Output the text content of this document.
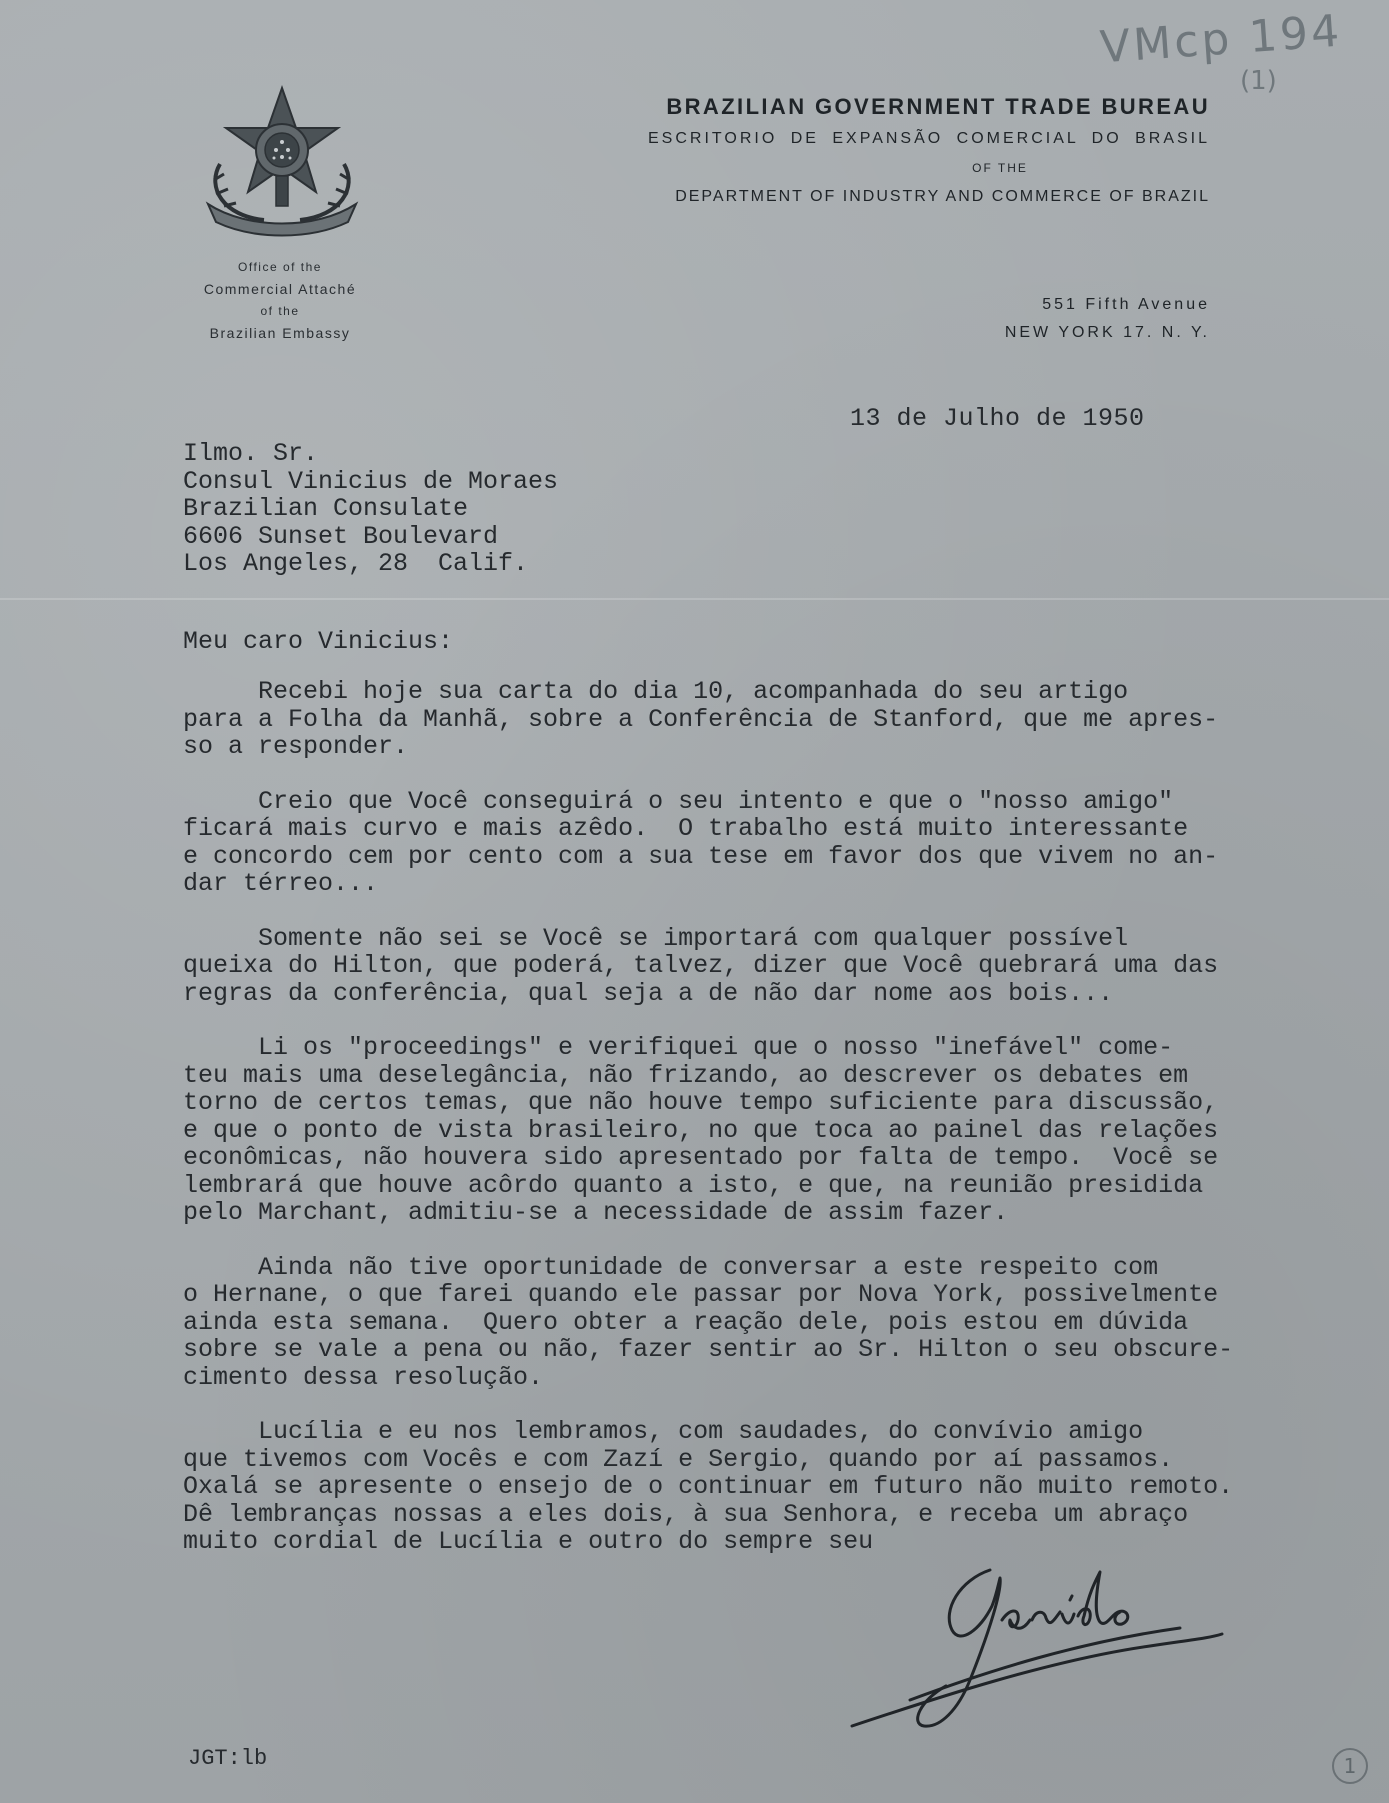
VMcp 194
(1)
Office of the
Commercial Attaché
of the
Brazilian Embassy
BRAZILIAN GOVERNMENT TRADE BUREAU
ESCRITORIO DE EXPANSÃO COMERCIAL DO BRASIL
OF THE
DEPARTMENT OF INDUSTRY AND COMMERCE OF BRAZIL
551 Fifth Avenue
NEW YORK 17. N. Y.
13 de Julho de 1950
Ilmo. Sr.
Consul Vinicius de Moraes
Brazilian Consulate
6606 Sunset Boulevard
Los Angeles, 28  Calif.
Meu caro Vinicius:
Recebi hoje sua carta do dia 10, acompanhada do seu artigo
para a Folha da Manhã, sobre a Conferência de Stanford, que me apres-
so a responder.
Creio que Você conseguirá o seu intento e que o "nosso amigo"
ficará mais curvo e mais azêdo.  O trabalho está muito interessante
e concordo cem por cento com a sua tese em favor dos que vivem no an-
dar térreo...
Somente não sei se Você se importará com qualquer possível
queixa do Hilton, que poderá, talvez, dizer que Você quebrará uma das
regras da conferência, qual seja a de não dar nome aos bois...
Li os "proceedings" e verifiquei que o nosso "inefável" come-
teu mais uma deselegância, não frizando, ao descrever os debates em
torno de certos temas, que não houve tempo suficiente para discussão,
e que o ponto de vista brasileiro, no que toca ao painel das relações
econômicas, não houvera sido apresentado por falta de tempo.  Você se
lembrará que houve acôrdo quanto a isto, e que, na reunião presidida
pelo Marchant, admitiu-se a necessidade de assim fazer.
Ainda não tive oportunidade de conversar a este respeito com
o Hernane, o que farei quando ele passar por Nova York, possivelmente
ainda esta semana.  Quero obter a reação dele, pois estou em dúvida
sobre se vale a pena ou não, fazer sentir ao Sr. Hilton o seu obscure-
cimento dessa resolução.
Lucília e eu nos lembramos, com saudades, do convívio amigo
que tivemos com Vocês e com Zazí e Sergio, quando por aí passamos.
Oxalá se apresente o ensejo de o continuar em futuro não muito remoto.
Dê lembranças nossas a eles dois, à sua Senhora, e receba um abraço
muito cordial de Lucília e outro do sempre seu
JGT:lb	1
